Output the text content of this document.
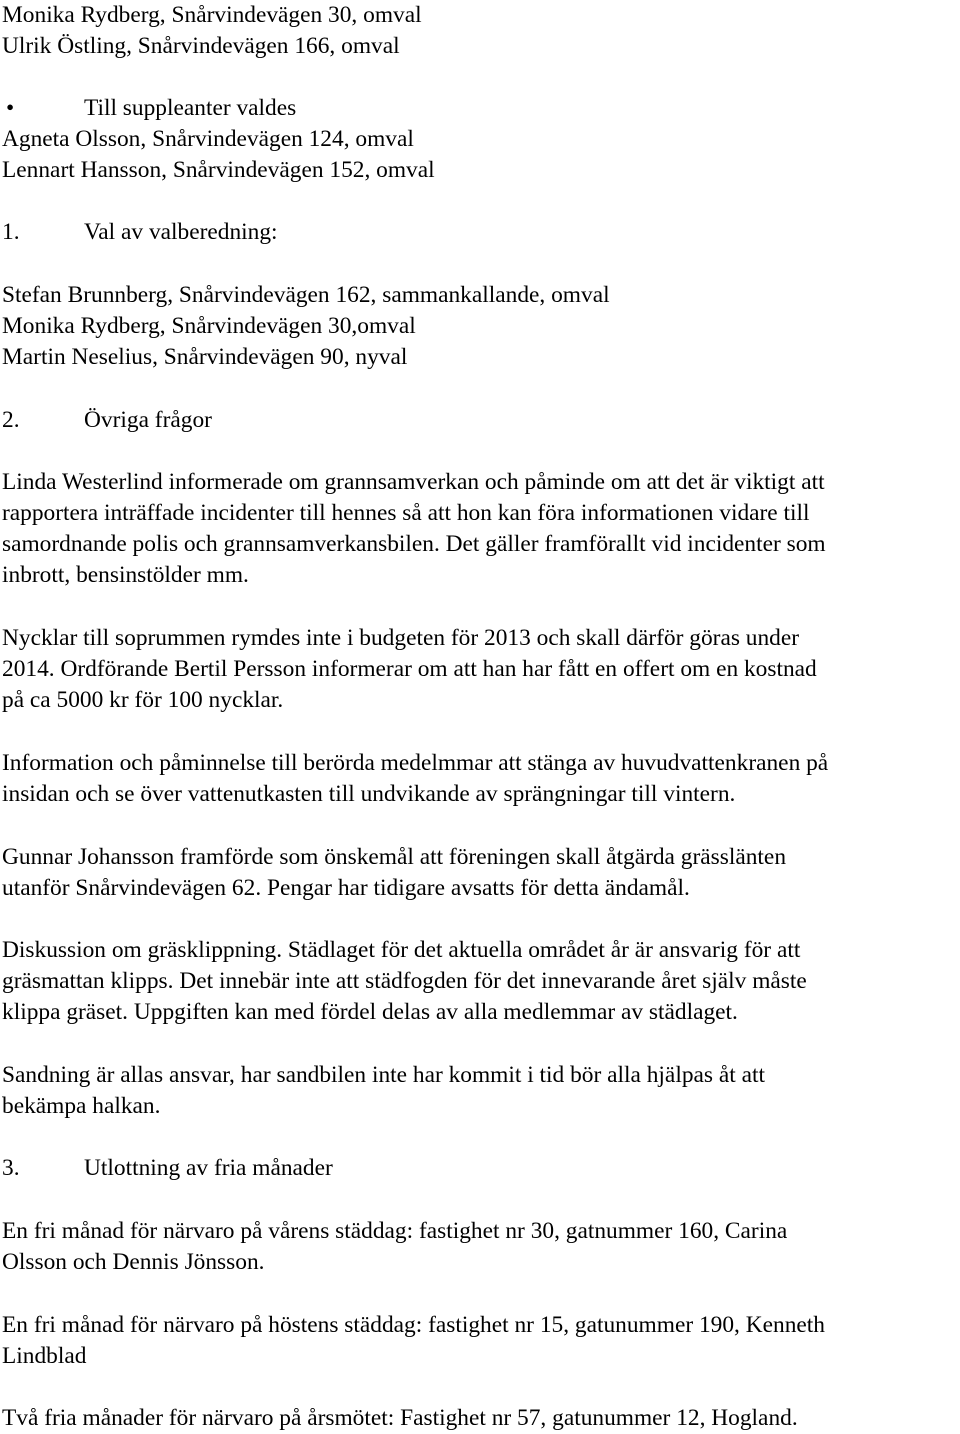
Monika Rydberg, Snårvindevägen 30, omval
Ulrik Östling, Snårvindevägen 166, omval
•	Till suppleanter valdes
Agneta Olsson, Snårvindevägen 124, omval
Lennart Hansson, Snårvindevägen 152, omval
1.	Val av valberedning:
Stefan Brunnberg, Snårvindevägen 162, sammankallande, omval
Monika Rydberg, Snårvindevägen 30,omval
Martin Neselius, Snårvindevägen 90, nyval
2.	Övriga frågor
Linda Westerlind informerade om grannsamverkan och påminde om att det är viktigt att
rapportera inträffade incidenter till hennes så att hon kan föra informationen vidare till
samordnande polis och grannsamverkansbilen. Det gäller framförallt vid incidenter som
inbrott, bensinstölder mm.
Nycklar till soprummen rymdes inte i budgeten för 2013 och skall därför göras under
2014. Ordförande Bertil Persson informerar om att han har fått en offert om en kostnad
på ca 5000 kr för 100 nycklar.
Information och påminnelse till berörda medelmmar att stänga av huvudvattenkranen på
insidan och se över vattenutkasten till undvikande av sprängningar till vintern.
Gunnar Johansson framförde som önskemål att föreningen skall åtgärda grässlänten
utanför Snårvindevägen 62. Pengar har tidigare avsatts för detta ändamål.
Diskussion om gräsklippning. Städlaget för det aktuella området år är ansvarig för att
gräsmattan klipps. Det innebär inte att städfogden för det innevarande året själv måste
klippa gräset. Uppgiften kan med fördel delas av alla medlemmar av städlaget.
Sandning är allas ansvar, har sandbilen inte har kommit i tid bör alla hjälpas åt att
bekämpa halkan.
3.	Utlottning av fria månader
En fri månad för närvaro på vårens städdag: fastighet nr 30, gatnummer 160, Carina
Olsson och Dennis Jönsson.
En fri månad för närvaro på höstens städdag: fastighet nr 15, gatunummer 190, Kenneth
Lindblad
Två fria månader för närvaro på årsmötet: Fastighet nr 57, gatunummer 12, Hogland.
